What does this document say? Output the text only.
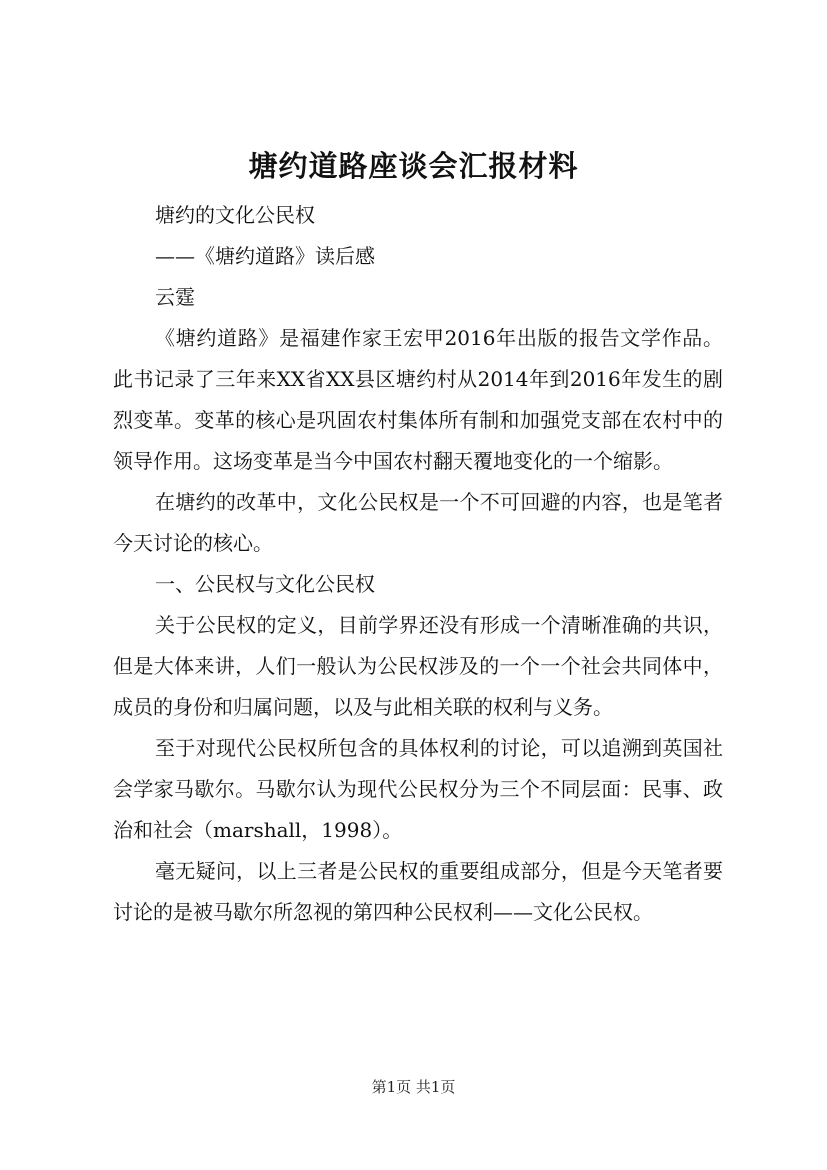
塘约道路座谈会汇报材料

塘约的文化公民权

——《塘约道路》读后感

云霆

《塘约道路》是福建作家王宏甲2016年出版的报告文学作品。此书记录了三年来XX省XX县区塘约村从2014年到2016年发生的剧烈变革。变革的核心是巩固农村集体所有制和加强党支部在农村中的领导作用。这场变革是当今中国农村翻天覆地变化的一个缩影。

在塘约的改革中，文化公民权是一个不可回避的内容，也是笔者今天讨论的核心。

一、公民权与文化公民权

关于公民权的定义，目前学界还没有形成一个清晰准确的共识，但是大体来讲，人们一般认为公民权涉及的一个一个社会共同体中，成员的身份和归属问题，以及与此相关联的权利与义务。

至于对现代公民权所包含的具体权利的讨论，可以追溯到英国社会学家马歇尔。马歇尔认为现代公民权分为三个不同层面：民事、政治和社会（marshall，1998）。

毫无疑问，以上三者是公民权的重要组成部分，但是今天笔者要讨论的是被马歇尔所忽视的第四种公民权利——文化公民权。

第1页 共1页
